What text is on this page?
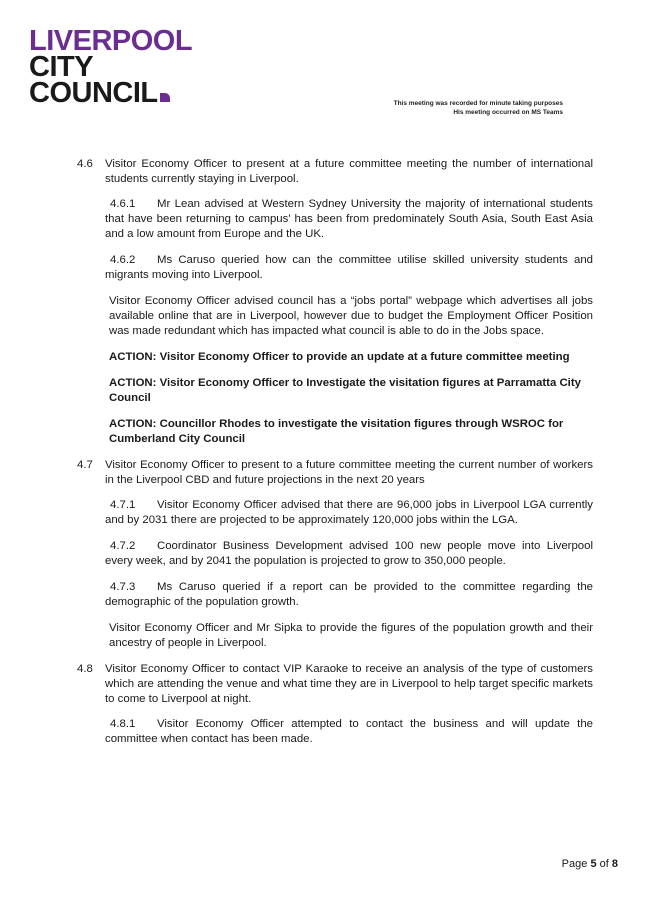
LIVERPOOL
CITY
COUNCIL	This meeting was recorded for minute taking purposes
His meeting occurred on MS Teams
4.6	Visitor Economy Officer to present at a future committee meeting the number of international students currently staying in Liverpool.
4.6.1 Mr Lean advised at Western Sydney University the majority of international students that have been returning to campus' has been from predominately South Asia, South East Asia and a low amount from Europe and the UK.
4.6.2 Ms Caruso queried how can the committee utilise skilled university students and migrants moving into Liverpool.
Visitor Economy Officer advised council has a “jobs portal” webpage which advertises all jobs available online that are in Liverpool, however due to budget the Employment Officer Position was made redundant which has impacted what council is able to do in the Jobs space.
ACTION: Visitor Economy Officer to provide an update at a future committee meeting
ACTION: Visitor Economy Officer to Investigate the visitation figures at Parramatta City Council
ACTION: Councillor Rhodes to investigate the visitation figures through WSROC for Cumberland City Council
4.7	Visitor Economy Officer to present to a future committee meeting the current number of workers in the Liverpool CBD and future projections in the next 20 years
4.7.1 Visitor Economy Officer advised that there are 96,000 jobs in Liverpool LGA currently and by 2031 there are projected to be approximately 120,000 jobs within the LGA.
4.7.2 Coordinator Business Development advised 100 new people move into Liverpool every week, and by 2041 the population is projected to grow to 350,000 people.
4.7.3 Ms Caruso queried if a report can be provided to the committee regarding the demographic of the population growth.
Visitor Economy Officer and Mr Sipka to provide the figures of the population growth and their ancestry of people in Liverpool.
4.8	Visitor Economy Officer to contact VIP Karaoke to receive an analysis of the type of customers which are attending the venue and what time they are in Liverpool to help target specific markets to come to Liverpool at night.
4.8.1 Visitor Economy Officer attempted to contact the business and will update the committee when contact has been made.
Page 5 of 8
